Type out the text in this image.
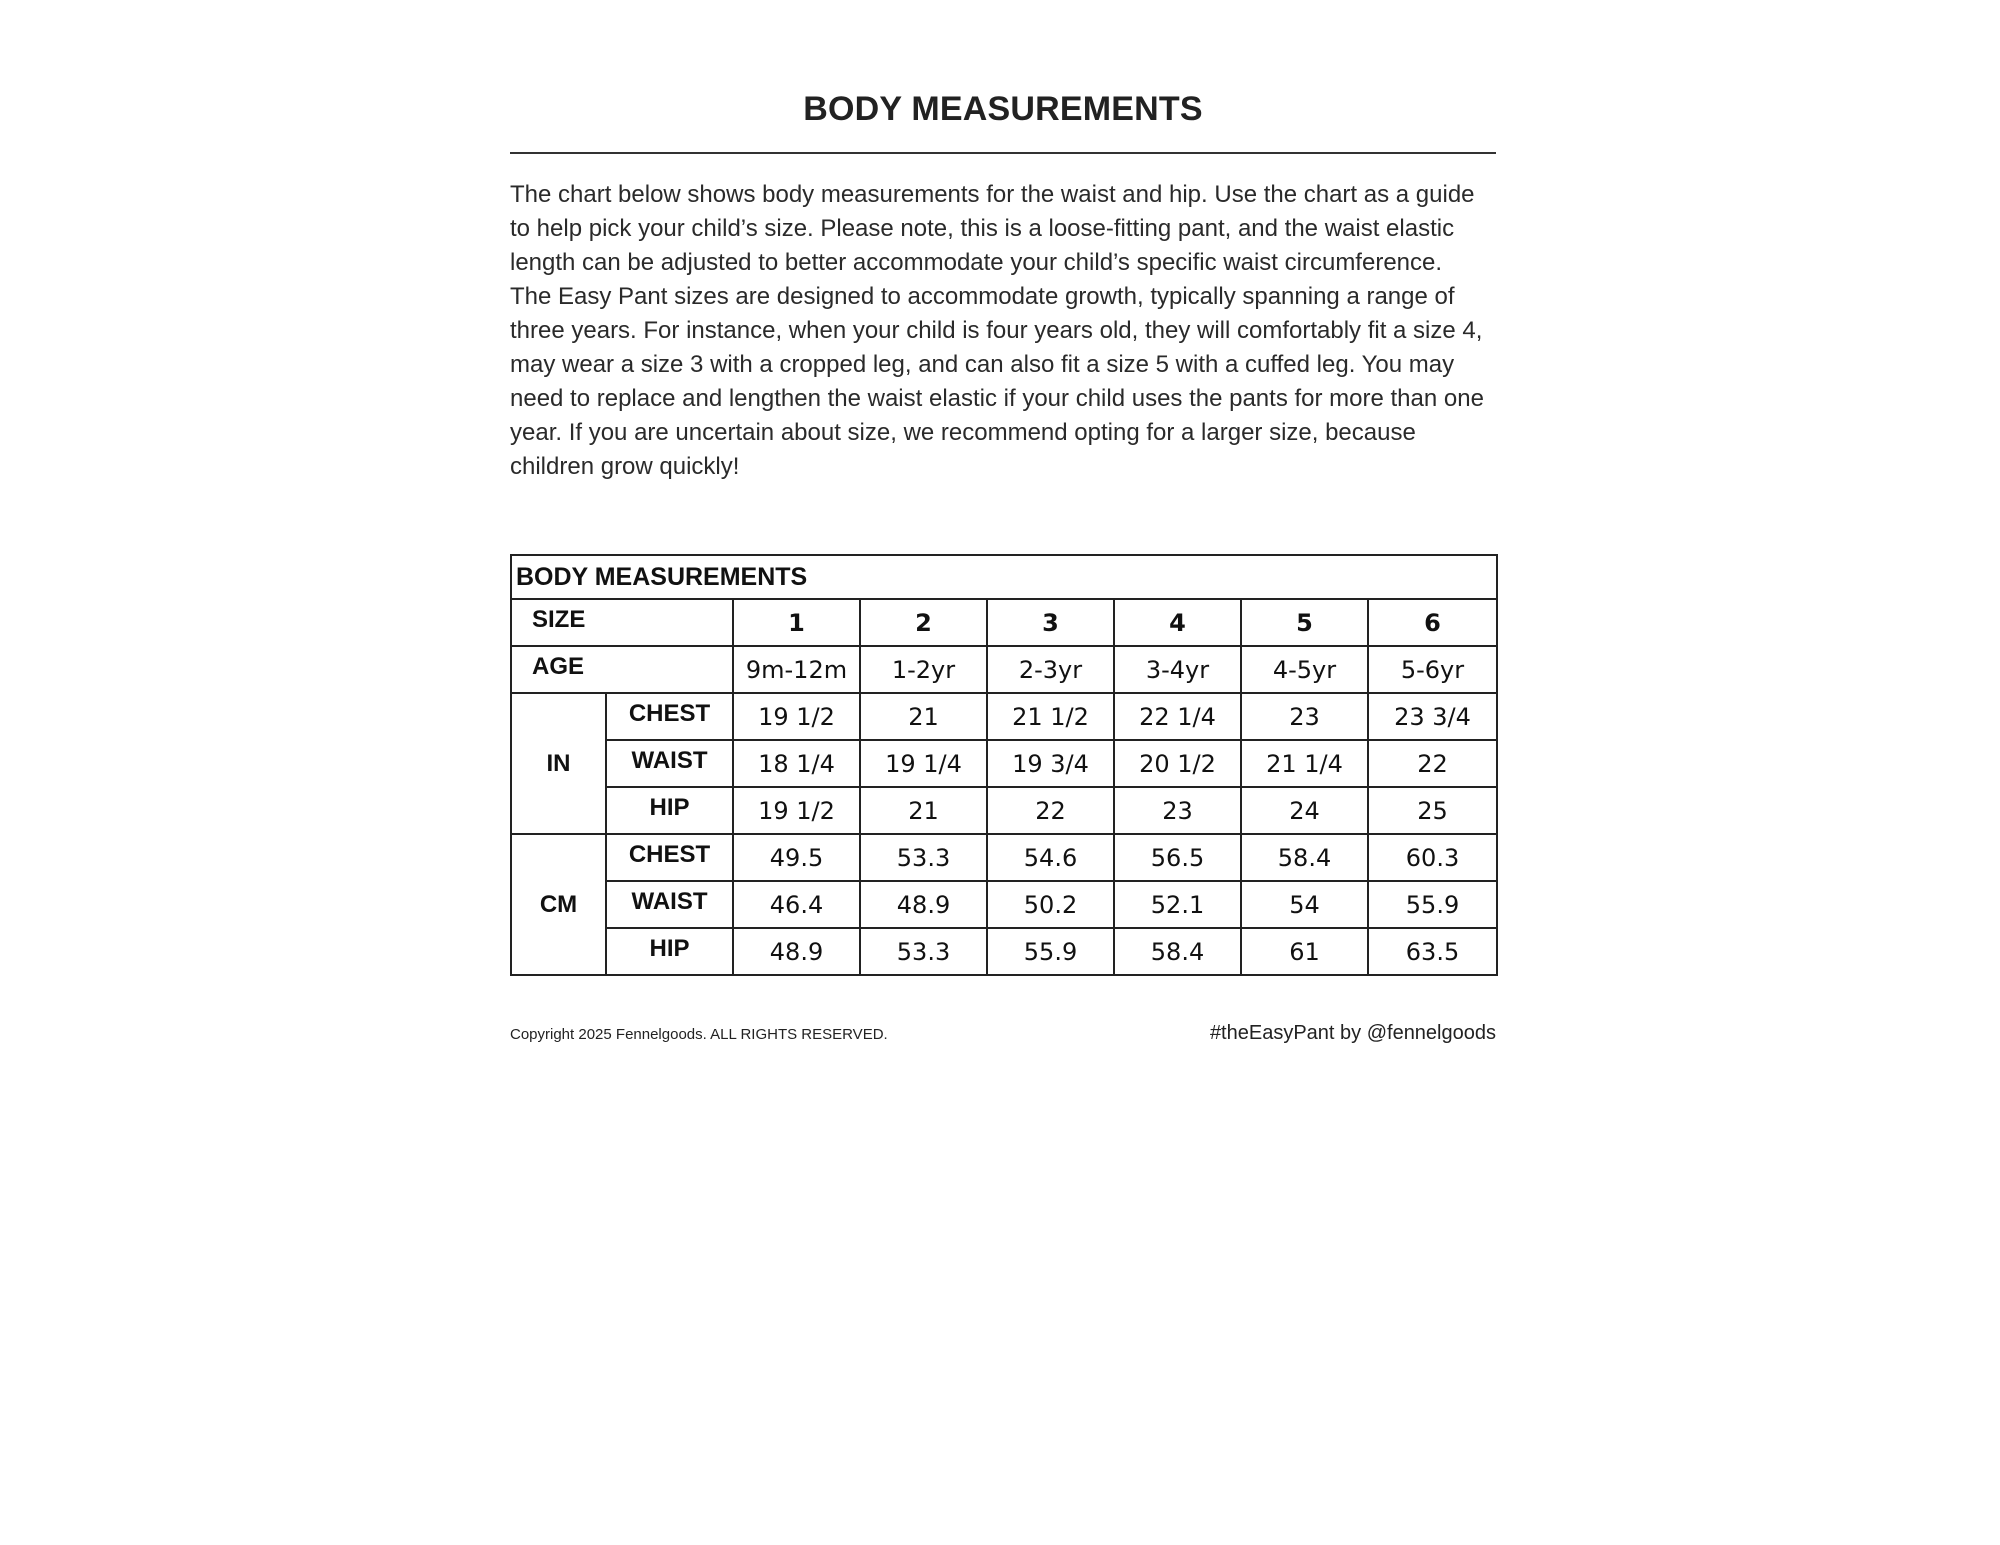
BODY MEASUREMENTS

The chart below shows body measurements for the waist and hip. Use the chart as a guide to help pick your child’s size. Please note, this is a loose-fitting pant, and the waist elastic length can be adjusted to better accommodate your child’s specific waist circumference.

The Easy Pant sizes are designed to accommodate growth, typically spanning a range of three years. For instance, when your child is four years old, they will comfortably fit a size 4, may wear a size 3 with a cropped leg, and can also fit a size 5 with a cuffed leg. You may need to replace and lengthen the waist elastic if your child uses the pants for more than one year. If you are uncertain about size, we recommend opting for a larger size, because children grow quickly!

BODY MEASUREMENTS							
SIZE		1	2	3	4	5	6
AGE		9m-12m	1-2yr	2-3yr	3-4yr	4-5yr	5-6yr
IN	CHEST	19 1/2	21	21 1/2	22 1/4	23	23 3/4
	WAIST	18 1/4	19 1/4	19 3/4	20 1/2	21 1/4	22
	HIP	19 1/2	21	22	23	24	25
CM	CHEST	49.5	53.3	54.6	56.5	58.4	60.3
	WAIST	46.4	48.9	50.2	52.1	54	55.9
	HIP	48.9	53.3	55.9	58.4	61	63.5
Copyright 2025 Fennelgoods. ALL RIGHTS RESERVED.	#theEasyPant by @fennelgoods
